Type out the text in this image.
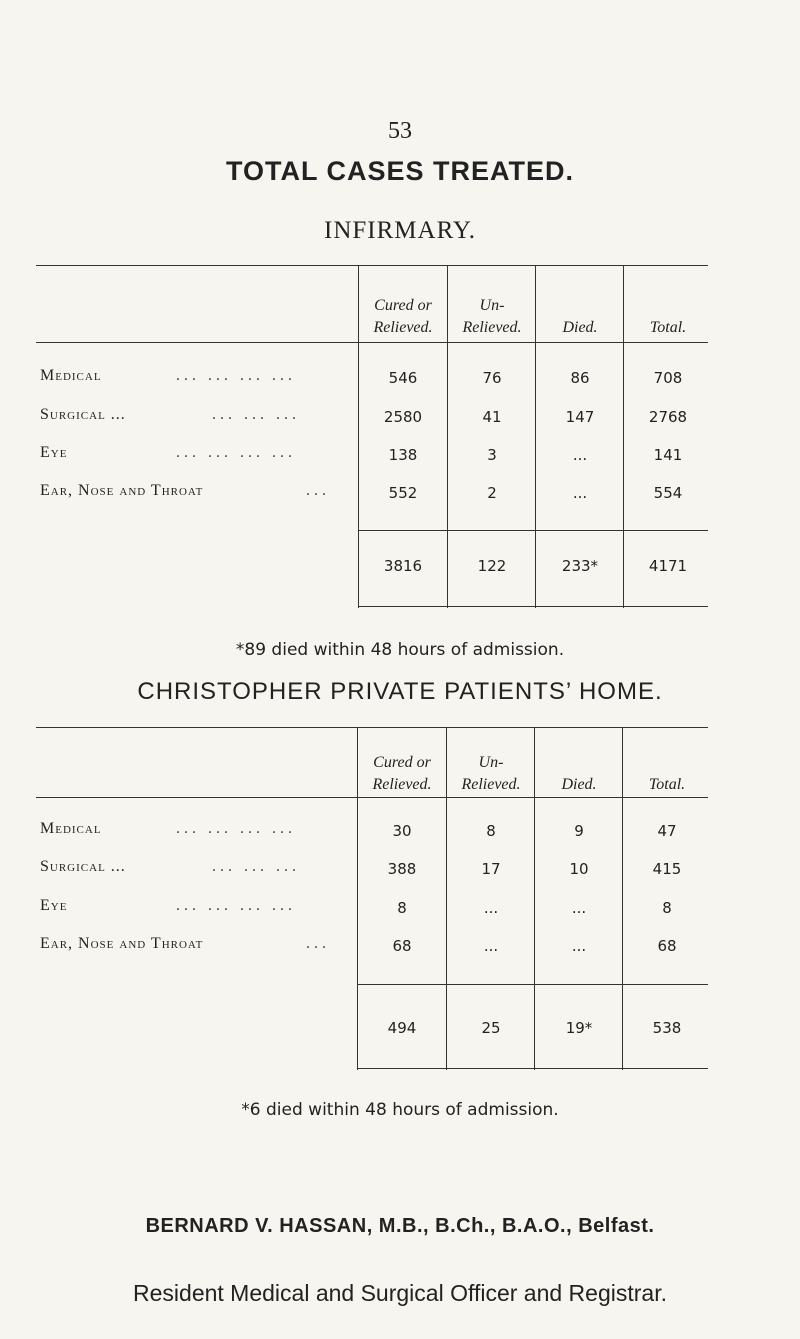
53
TOTAL CASES TREATED.
INFIRMARY.
Cured or
Relieved.
Un-
Relieved.
	Died.
	Total.
Medical	... ... ... ...	546	76	86	708
Surgical ...	... ... ...	2580	41	147	2768
Eye	... ... ... ...	138	3	...	141
Ear, Nose and Throat	...	552	2	...	554
3816	122	233*	4171
*89 died within 48 hours of admission.
CHRISTOPHER PRIVATE PATIENTS’ HOME.
Cured or
Relieved.
Un-
Relieved.
	Died.
	Total.
Medical	... ... ... ...	30	8	9	47
Surgical ...	... ... ...	388	17	10	415
Eye	... ... ... ...	8	...	...	8
Ear, Nose and Throat	...	68	...	...	68
494	25	19*	538
*6 died within 48 hours of admission.
BERNARD V. HASSAN, M.B., B.Ch., B.A.O., Belfast.
Resident Medical and Surgical Officer and Registrar.
